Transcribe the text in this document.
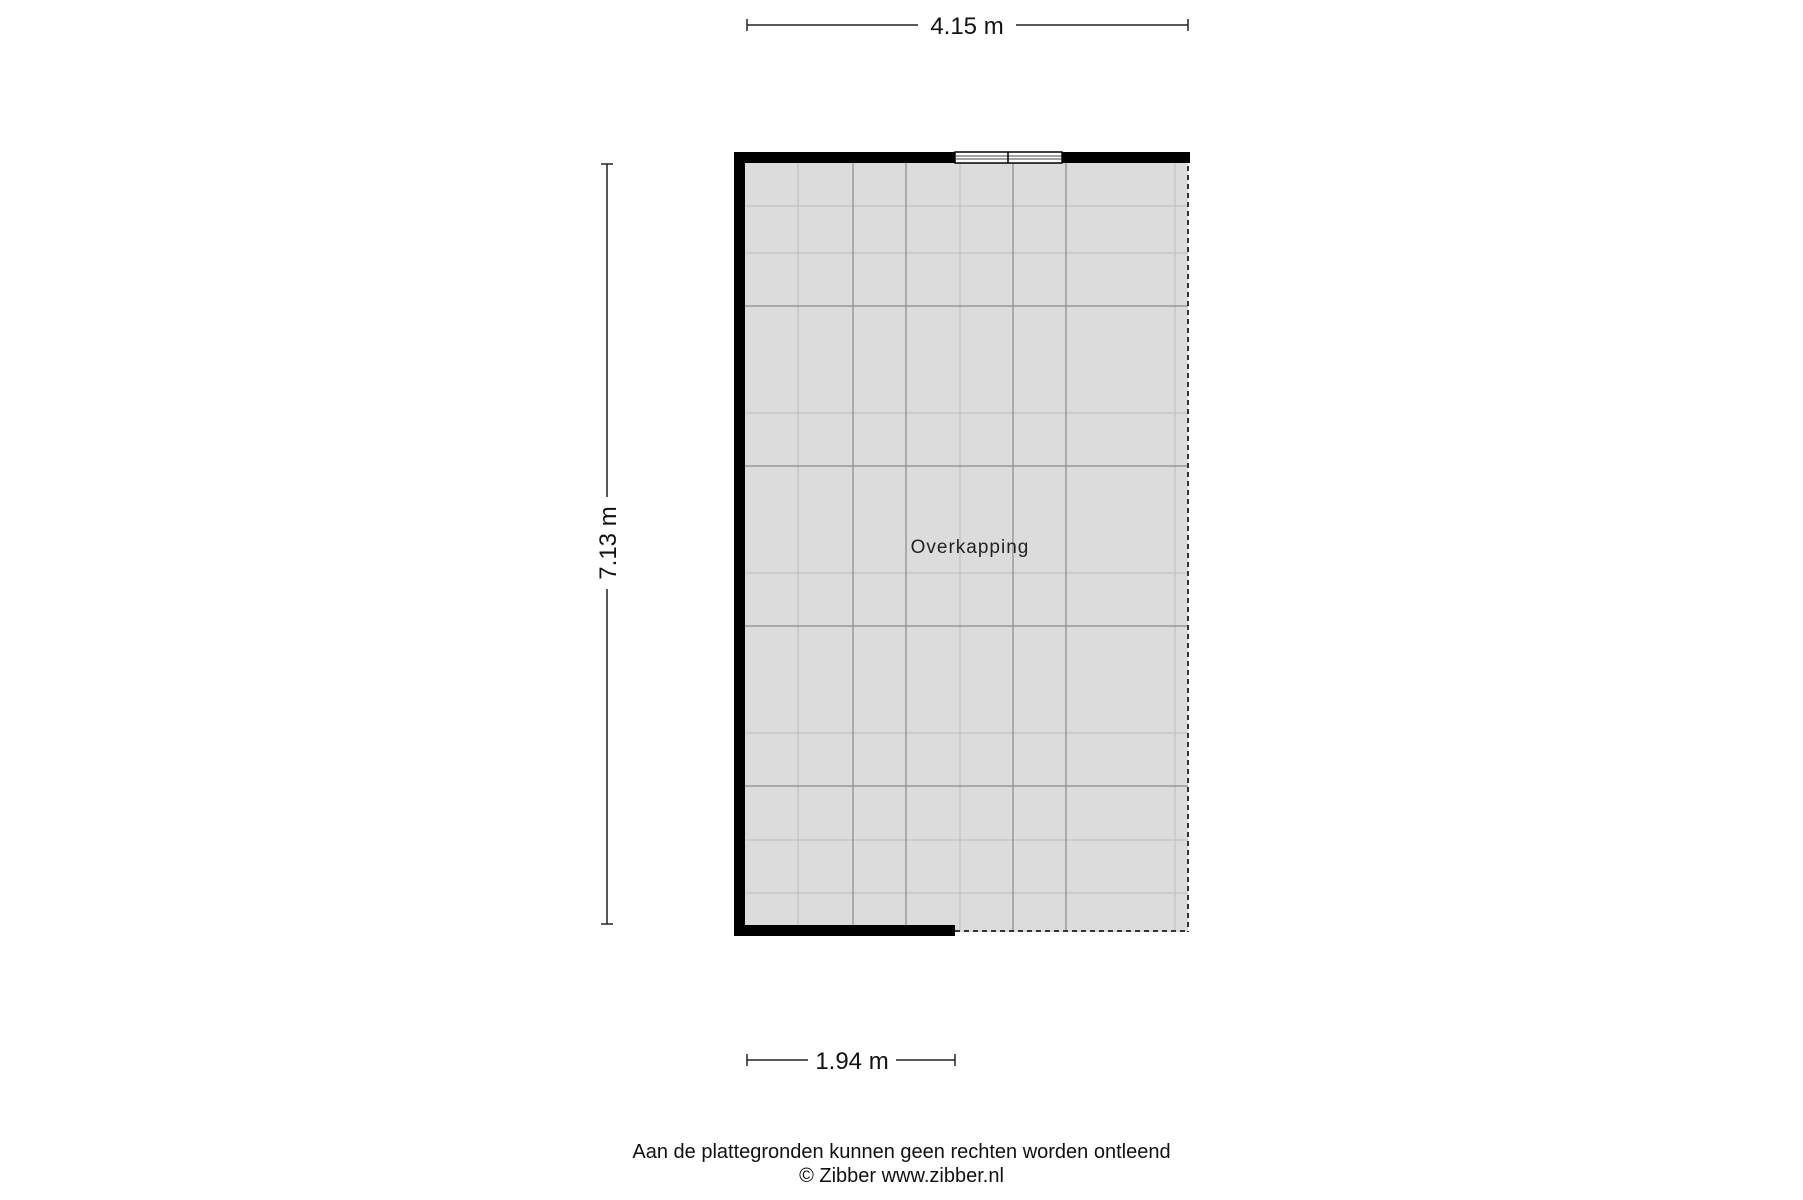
4.15 m
7.13 m
1.94 m
Overkapping
Aan de plattegronden kunnen geen rechten worden ontleend
© Zibber www.zibber.nl
